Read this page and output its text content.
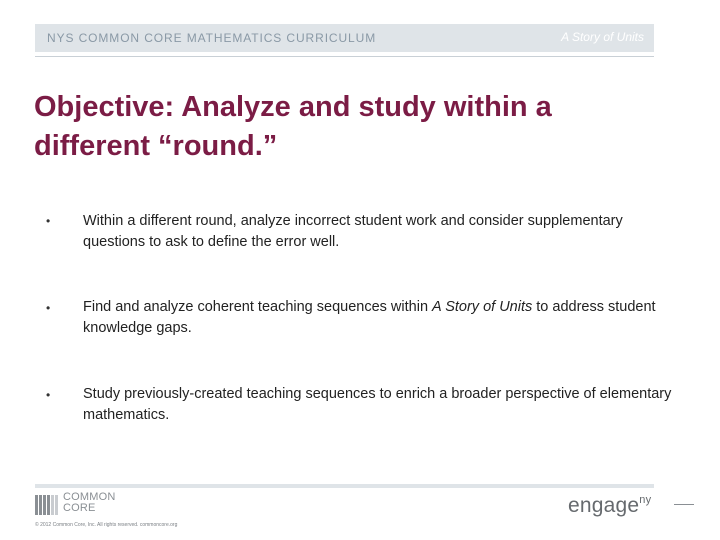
NYS COMMON CORE MATHEMATICS CURRICULUM	A Story of Units
Objective: Analyze and study within a different “round.”
• Within a different round, analyze incorrect student work and consider supplementary questions to ask to define the error well.
• Find and analyze coherent teaching sequences within A Story of Units to address student knowledge gaps.
• Study previously-created teaching sequences to enrich a broader perspective of elementary mathematics.
COMMON
CORE
© 2012 Common Core, Inc. All rights reserved. commoncore.org
engage$^{ny}$
